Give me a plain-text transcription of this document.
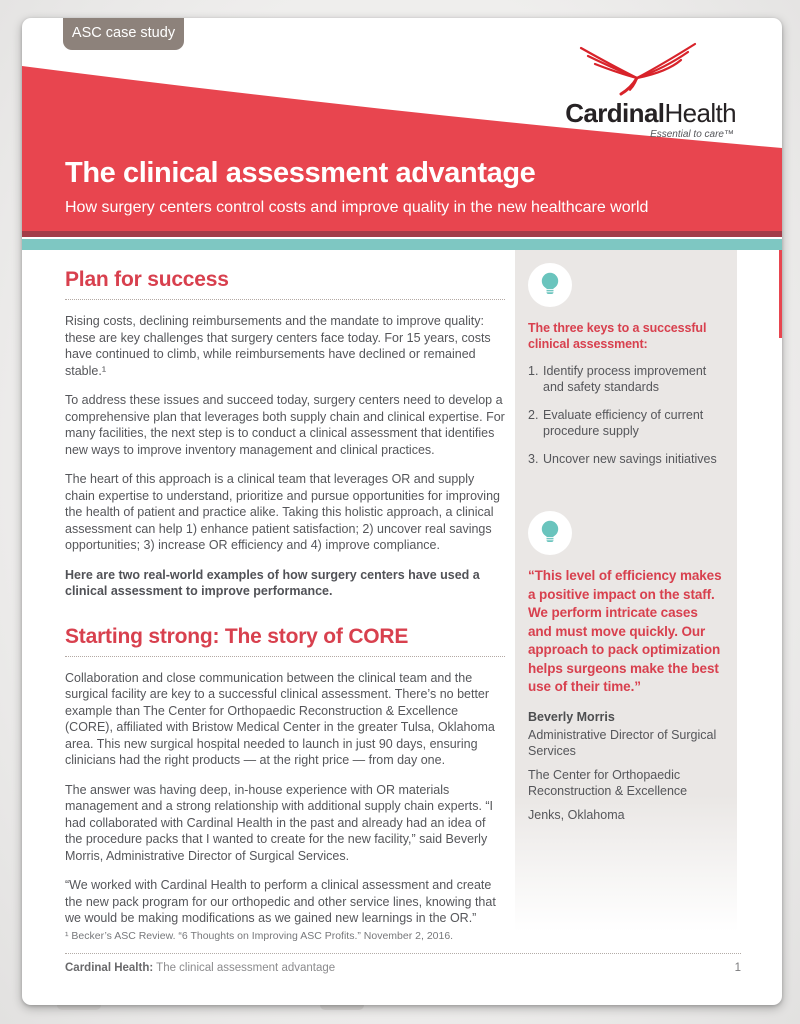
ASC case study
CardinalHealth
Essential to care™
The clinical assessment advantage
How surgery centers control costs and improve quality in the new healthcare world
Plan for success

Rising costs, declining reimbursements and the mandate to improve quality: these are key challenges that surgery centers face today. For 15 years, costs have continued to climb, while reimbursements have declined or remained stable.¹

To address these issues and succeed today, surgery centers need to develop a comprehensive plan that leverages both supply chain and clinical expertise. For many facilities, the next step is to conduct a clinical assessment that identifies new ways to improve inventory management and clinical practices.

The heart of this approach is a clinical team that leverages OR and supply chain expertise to understand, prioritize and pursue opportunities for improving the health of patient and practice alike. Taking this holistic approach, a clinical assessment can help 1) enhance patient satisfaction; 2) uncover real savings opportunities; 3) increase OR efficiency and 4) improve compliance.

Here are two real-world examples of how surgery centers have used a clinical assessment to improve performance.

Starting strong: The story of CORE

Collaboration and close communication between the clinical team and the surgical facility are key to a successful clinical assessment. There’s no better example than The Center for Orthopaedic Reconstruction & Excellence (CORE), affiliated with Bristow Medical Center in the greater Tulsa, Oklahoma area. This new surgical hospital needed to launch in just 90 days, ensuring clinicians had the right products — at the right price — from day one.

The answer was having deep, in-house experience with OR materials management and a strong relationship with additional supply chain experts. “I had collaborated with Cardinal Health in the past and already had an idea of the procedure packs that I wanted to create for the new facility,” said Beverly Morris, Administrative Director of Surgical Services.

“We worked with Cardinal Health to perform a clinical assessment and create the new pack program for our orthopedic and other service lines, knowing that we would be making modifications as we gained new learnings in the OR.”

The three keys to a successful clinical assessment:
1. Identify process improvement and safety standards
2. Evaluate efficiency of current procedure supply
3. Uncover new savings initiatives
“This level of efficiency makes a positive impact on the staff. We perform intricate cases and must move quickly. Our approach to pack optimization helps surgeons make the best use of their time.”
Beverly Morris
Administrative Director of Surgical Services
The Center for Orthopaedic Reconstruction & Excellence
Jenks, Oklahoma
¹ Becker’s ASC Review. “6 Thoughts on Improving ASC Profits.” November 2, 2016.
Cardinal Health: The clinical assessment advantage	1
